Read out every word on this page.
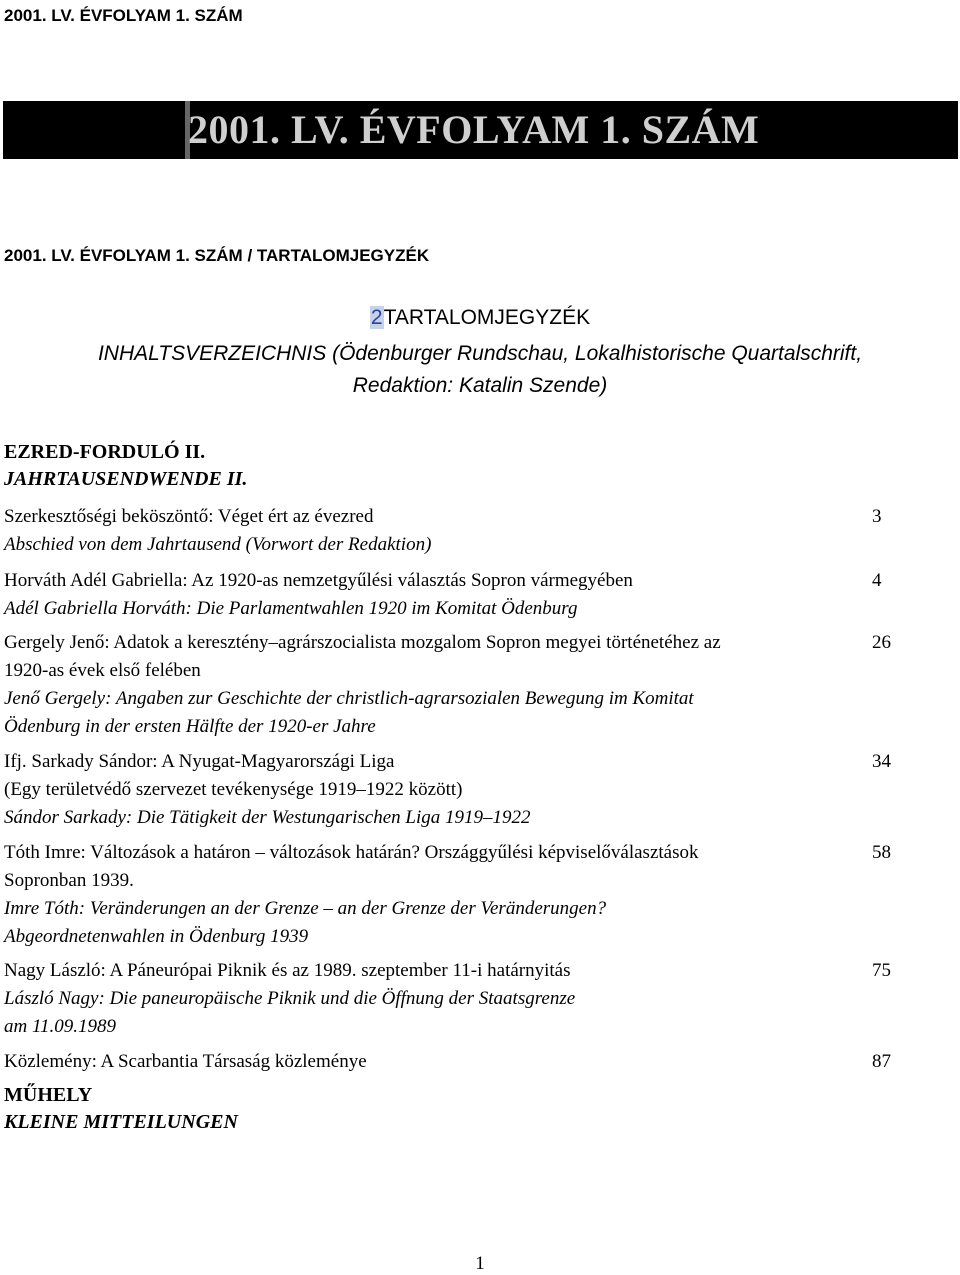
2001. LV. ÉVFOLYAM 1. SZÁM
2001. LV. ÉVFOLYAM 1. SZÁM
2001. LV. ÉVFOLYAM 1. SZÁM / TARTALOMJEGYZÉK
2TARTALOMJEGYZÉK
INHALTSVERZEICHNIS (Ödenburger Rundschau, Lokalhistorische Quartalschrift,
Redaktion: Katalin Szende)
EZRED-FORDULÓ II.
JAHRTAUSENDWENDE II.
Szerkesztőségi beköszöntő: Véget ért az évezred
Abschied von dem Jahrtausend (Vorwort der Redaktion)
3
Horváth Adél Gabriella: Az 1920-as nemzetgyűlési választás Sopron vármegyében
Adél Gabriella Horváth: Die Parlamentwahlen 1920 im Komitat Ödenburg
4
Gergely Jenő: Adatok a keresztény–agrárszocialista mozgalom Sopron megyei történetéhez az
1920-as évek első felében
Jenő Gergely: Angaben zur Geschichte der christlich-agrarsozialen Bewegung im Komitat
Ödenburg in der ersten Hälfte der 1920-er Jahre
26
Ifj. Sarkady Sándor: A Nyugat-Magyarországi Liga
(Egy területvédő szervezet tevékenysége 1919–1922 között)
Sándor Sarkady: Die Tätigkeit der Westungarischen Liga 1919–1922
34
Tóth Imre: Változások a határon – változások határán? Országgyűlési képviselőválasztások
Sopronban 1939.
Imre Tóth: Veränderungen an der Grenze – an der Grenze der Veränderungen?
Abgeordnetenwahlen in Ödenburg 1939
58
Nagy László: A Páneurópai Piknik és az 1989. szeptember 11-i határnyitás
László Nagy: Die paneuropäische Piknik und die Öffnung der Staatsgrenze
am 11.09.1989
75
Közlemény: A Scarbantia Társaság közleménye	87
MŰHELY
KLEINE MITTEILUNGEN
1
